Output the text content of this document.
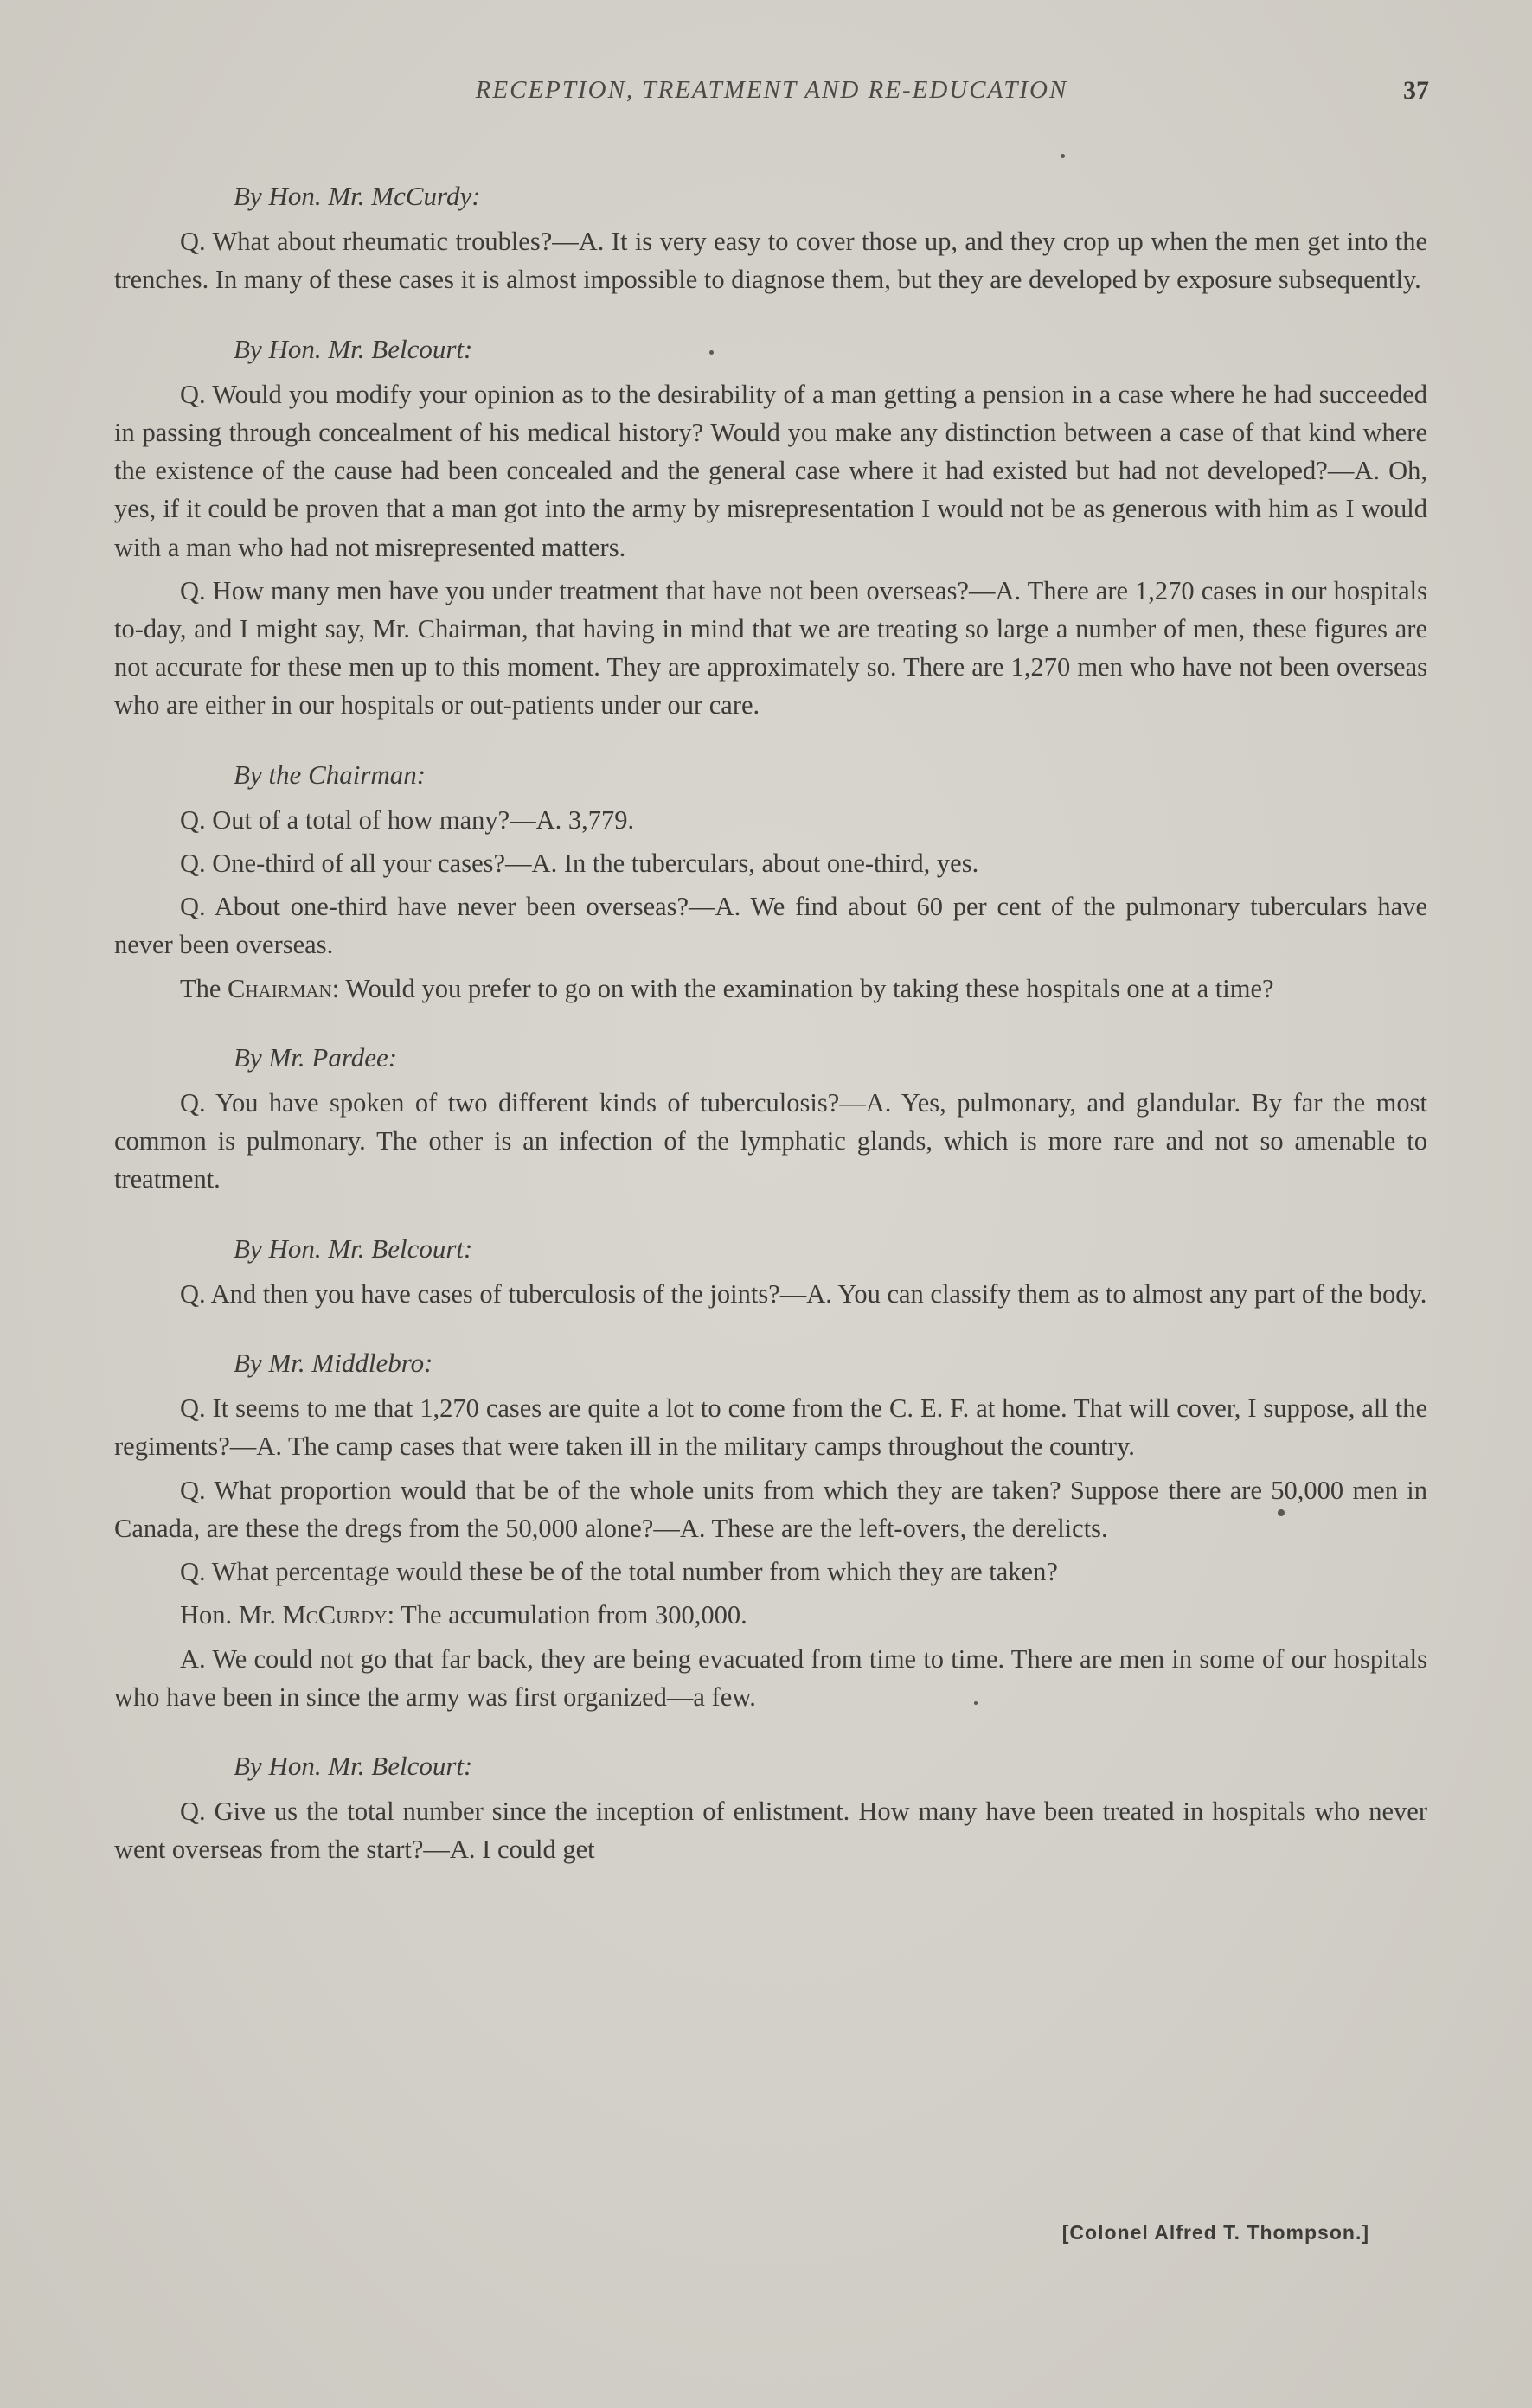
RECEPTION, TREATMENT AND RE-EDUCATION	37
By Hon. Mr. McCurdy:

Q. What about rheumatic troubles?—A. It is very easy to cover those up, and they crop up when the men get into the trenches. In many of these cases it is almost impossible to diagnose them, but they are developed by exposure subsequently.

By Hon. Mr. Belcourt:

Q. Would you modify your opinion as to the desirability of a man getting a pension in a case where he had succeeded in passing through concealment of his medical history? Would you make any distinction between a case of that kind where the existence of the cause had been concealed and the general case where it had existed but had not developed?—A. Oh, yes, if it could be proven that a man got into the army by misrepresentation I would not be as generous with him as I would with a man who had not misrepresented matters.

Q. How many men have you under treatment that have not been overseas?—A. There are 1,270 cases in our hospitals to-day, and I might say, Mr. Chairman, that having in mind that we are treating so large a number of men, these figures are not accurate for these men up to this moment. They are approximately so. There are 1,270 men who have not been overseas who are either in our hospitals or out-patients under our care.

By the Chairman:

Q. Out of a total of how many?—A. 3,779.

Q. One-third of all your cases?—A. In the tuberculars, about one-third, yes.

Q. About one-third have never been overseas?—A. We find about 60 per cent of the pulmonary tuberculars have never been overseas.

The Chairman: Would you prefer to go on with the examination by taking these hospitals one at a time?

By Mr. Pardee:

Q. You have spoken of two different kinds of tuberculosis?—A. Yes, pulmonary, and glandular. By far the most common is pulmonary. The other is an infection of the lymphatic glands, which is more rare and not so amenable to treatment.

By Hon. Mr. Belcourt:

Q. And then you have cases of tuberculosis of the joints?—A. You can classify them as to almost any part of the body.

By Mr. Middlebro:

Q. It seems to me that 1,270 cases are quite a lot to come from the C. E. F. at home. That will cover, I suppose, all the regiments?—A. The camp cases that were taken ill in the military camps throughout the country.

Q. What proportion would that be of the whole units from which they are taken? Suppose there are 50,000 men in Canada, are these the dregs from the 50,000 alone?—A. These are the left-overs, the derelicts.

Q. What percentage would these be of the total number from which they are taken?

Hon. Mr. McCurdy: The accumulation from 300,000.

A. We could not go that far back, they are being evacuated from time to time. There are men in some of our hospitals who have been in since the army was first organized—a few.

By Hon. Mr. Belcourt:

Q. Give us the total number since the inception of enlistment. How many have been treated in hospitals who never went overseas from the start?—A. I could get

[Colonel Alfred T. Thompson.]
